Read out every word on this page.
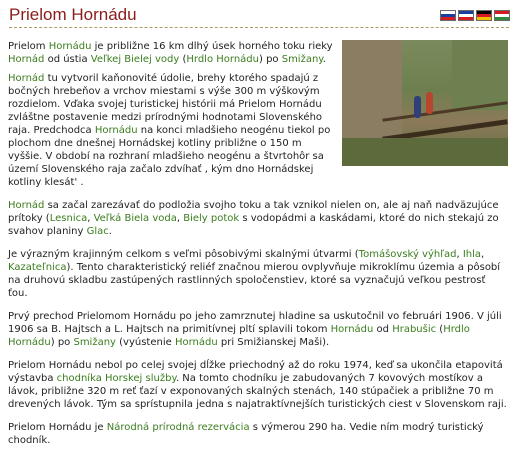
Prielom Hornádu

Prielom Hornádu je približne 16 km dlhý úsek horného toku rieky Hornád od ústia Veľkej Bielej vody (Hrdlo Hornádu) po Smižany.

Hornád tu vytvoril kaňonovité údolie, brehy ktorého spadajú z bočných hrebeňov a vrchov miestami s výše 300 m výškovým rozdielom. Vďaka svojej turistickej histórii má Prielom Hornádu zvláštne postavenie medzi prírodnými hodnotami Slovenského raja. Predchodca Hornádu na konci mladšieho neogénu tiekol po plochom dne dnešnej Hornádskej kotliny približne o 150 m vyššie. V období na rozhraní mladšieho neogénu a štvrtohôr sa území Slovenského raja začalo zdvíhať , kým dno Hornádskej kotliny klesát' .

Hornád sa začal zarezávať do podložia svojho toku a tak vznikol nielen on, ale aj naň nadväzujúce prítoky (Lesnica, Veľká Biela voda, Biely potok s vodopádmi a kaskádami, ktoré do nich stekajú zo svahov planiny Glac.

Je výrazným krajinným celkom s veľmi pôsobivými skalnými útvarmi (Tomášovský výhľad, Ihla, Kazateľnica). Tento charakteristický reliéf značnou mierou ovplyvňuje mikroklímu územia a pôsobí na druhovú skladbu zastúpených rastlinných spoločenstiev, ktoré sa vyznačujú veľkou pestrosť ťou.

Prvý prechod Prielomom Hornádu po jeho zamrznutej hladine sa uskutočnil vo februári 1906. V júli 1906 sa B. Hajtsch a L. Hajtsch na primitívnej pltí splavili tokom Hornádu od Hrabušic (Hrdlo Hornádu) po Smižany (vyústenie Hornádu pri Smižianskej Maši).

Prielom Hornádu nebol po celej svojej dĺžke priechodný až do roku 1974, keď sa ukončila etapovitá výstavba chodníka Horskej služby. Na tomto chodníku je zabudovaných 7 kovových mostíkov a lávok, približne 320 m reť ťazí v exponovaných skalných stenách, 140 stúpačiek a približne 70 m drevených lávok. Tým sa sprístupnila jedna s najatraktívnejších turistických ciest v Slovenskom raji.

Prielom Hornádu je Národná prírodná rezervácia s výmerou 290 ha. Vedie ním modrý turistický chodník.
